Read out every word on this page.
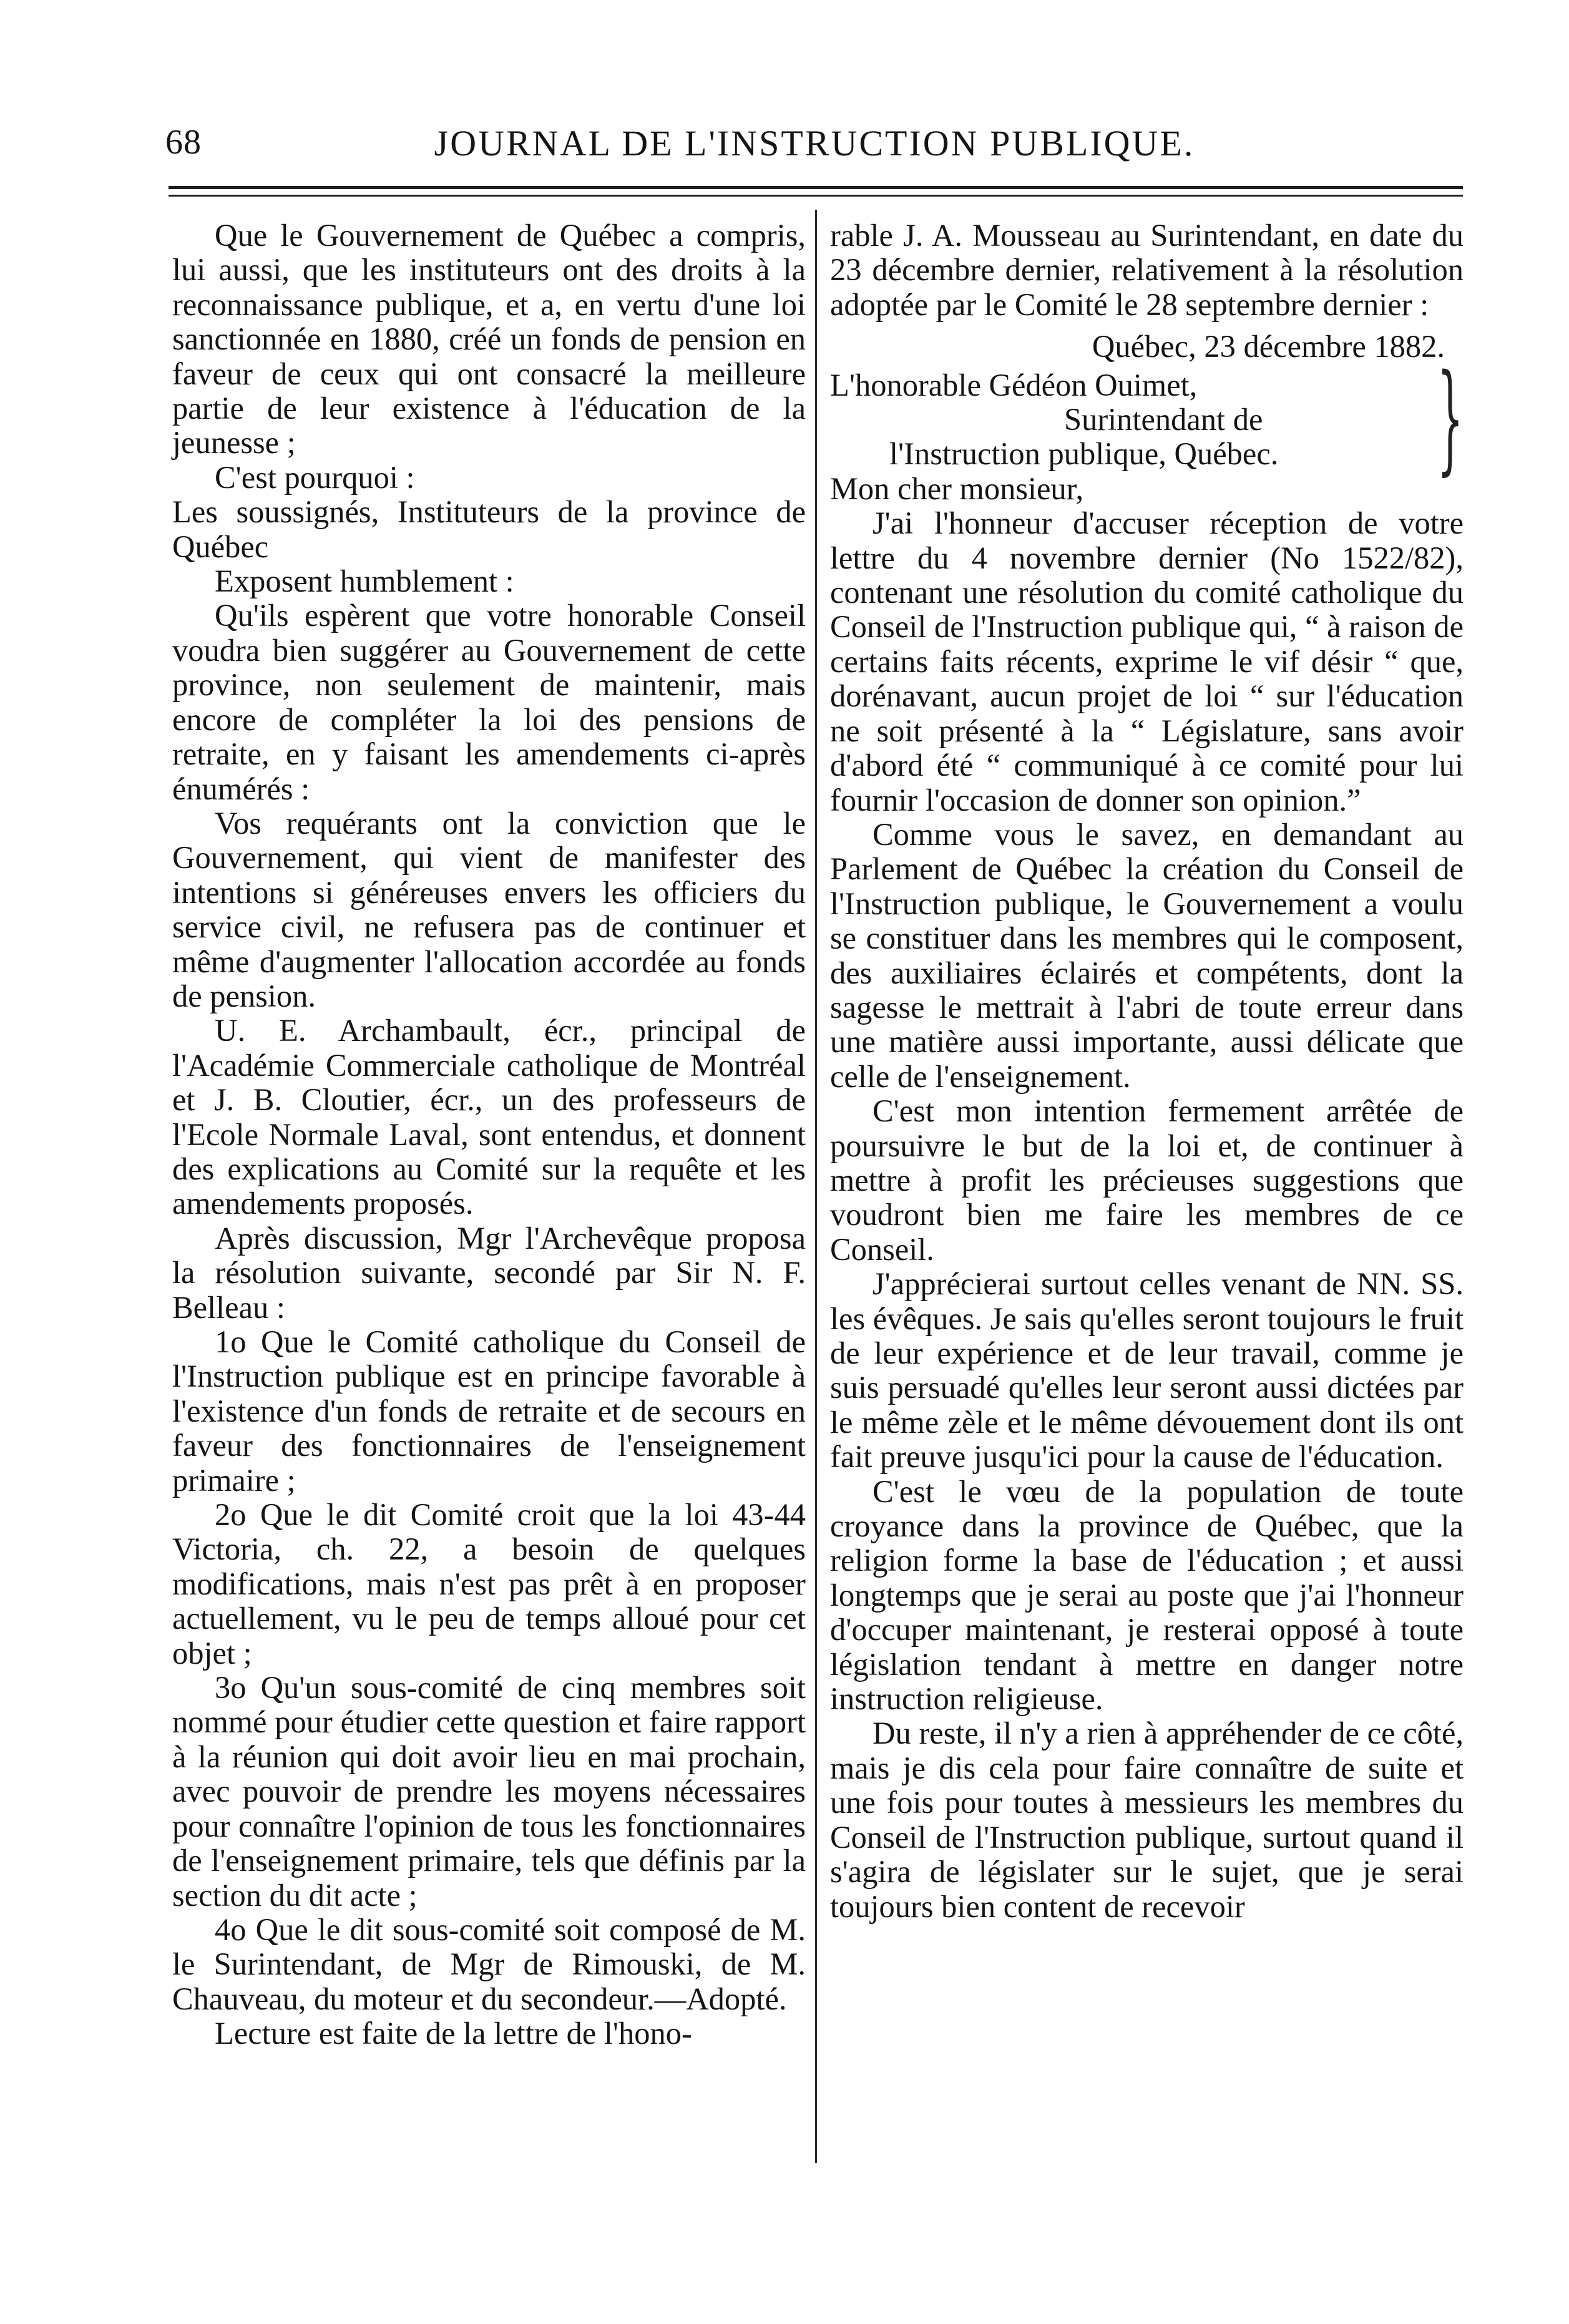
68	JOURNAL DE L'INSTRUCTION PUBLIQUE.

Que le Gouvernement de Québec a compris, lui aussi, que les instituteurs ont des droits à la reconnaissance publique, et a, en vertu d'une loi sanctionnée en 1880, créé un fonds de pension en faveur de ceux qui ont consacré la meilleure partie de leur existence à l'éducation de la jeunesse ;

C'est pourquoi :

Les soussignés, Instituteurs de la province de Québec

Exposent humblement :

Qu'ils espèrent que votre honorable Conseil voudra bien suggérer au Gouvernement de cette province, non seulement de maintenir, mais encore de compléter la loi des pensions de retraite, en y faisant les amendements ci-après énumérés :

Vos requérants ont la conviction que le Gouvernement, qui vient de manifester des intentions si généreuses envers les officiers du service civil, ne refusera pas de continuer et même d'augmenter l'allocation accordée au fonds de pension.

U. E. Archambault, écr., principal de l'Académie Commerciale catholique de Montréal et J. B. Cloutier, écr., un des professeurs de l'Ecole Normale Laval, sont entendus, et donnent des explications au Comité sur la requête et les amendements proposés.

Après discussion, Mgr l'Archevêque proposa la résolution suivante, secondé par Sir N. F. Belleau :

1o Que le Comité catholique du Conseil de l'Instruction publique est en principe favorable à l'existence d'un fonds de retraite et de secours en faveur des fonctionnaires de l'enseignement primaire ;

2o Que le dit Comité croit que la loi 43-44 Victoria, ch. 22, a besoin de quelques modifications, mais n'est pas prêt à en proposer actuellement, vu le peu de temps alloué pour cet objet ;

3o Qu'un sous-comité de cinq membres soit nommé pour étudier cette question et faire rapport à la réunion qui doit avoir lieu en mai prochain, avec pouvoir de prendre les moyens nécessaires pour connaître l'opinion de tous les fonctionnaires de l'enseignement primaire, tels que définis par la section du dit acte ;

4o Que le dit sous-comité soit composé de M. le Surintendant, de Mgr de Rimouski, de M. Chauveau, du moteur et du secondeur.—Adopté.

Lecture est faite de la lettre de l'hono-

rable J. A. Mousseau au Surintendant, en date du 23 décembre dernier, relativement à la résolution adoptée par le Comité le 28 septembre dernier :

Québec, 23 décembre 1882.

L'honorable Gédéon Ouimet,
Surintendant de
l'Instruction publique, Québec.	}

Mon cher monsieur,

J'ai l'honneur d'accuser réception de votre lettre du 4 novembre dernier (No 1522/82), contenant une résolution du comité catholique du Conseil de l'Instruction publique qui, “ à raison de certains faits récents, exprime le vif désir “ que, dorénavant, aucun projet de loi “ sur l'éducation ne soit présenté à la “ Législature, sans avoir d'abord été “ communiqué à ce comité pour lui fournir l'occasion de donner son opinion.”

Comme vous le savez, en demandant au Parlement de Québec la création du Conseil de l'Instruction publique, le Gouvernement a voulu se constituer dans les membres qui le composent, des auxiliaires éclairés et compétents, dont la sagesse le mettrait à l'abri de toute erreur dans une matière aussi importante, aussi délicate que celle de l'enseignement.

C'est mon intention fermement arrêtée de poursuivre le but de la loi et, de continuer à mettre à profit les précieuses suggestions que voudront bien me faire les membres de ce Conseil.

J'apprécierai surtout celles venant de NN. SS. les évêques. Je sais qu'elles seront toujours le fruit de leur expérience et de leur travail, comme je suis persuadé qu'elles leur seront aussi dictées par le même zèle et le même dévouement dont ils ont fait preuve jusqu'ici pour la cause de l'éducation.

C'est le vœu de la population de toute croyance dans la province de Québec, que la religion forme la base de l'éducation ; et aussi longtemps que je serai au poste que j'ai l'honneur d'occuper maintenant, je resterai opposé à toute législation tendant à mettre en danger notre instruction religieuse.

Du reste, il n'y a rien à appréhender de ce côté, mais je dis cela pour faire connaître de suite et une fois pour toutes à messieurs les membres du Conseil de l'Instruction publique, surtout quand il s'agira de législater sur le sujet, que je serai toujours bien content de recevoir
